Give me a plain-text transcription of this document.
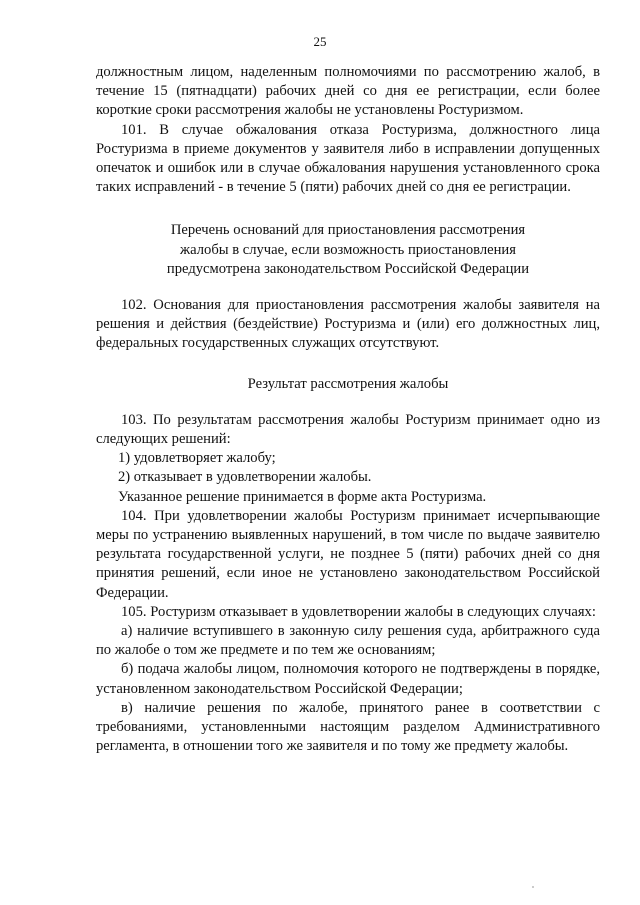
25

должностным лицом, наделенным полномочиями по рассмотрению жалоб, в течение 15 (пятнадцати) рабочих дней со дня ее регистрации, если более короткие сроки рассмотрения жалобы не установлены Ростуризмом.

101. В случае обжалования отказа Ростуризма, должностного лица Ростуризма в приеме документов у заявителя либо в исправлении допущенных опечаток и ошибок или в случае обжалования нарушения установленного срока таких исправлений - в течение 5 (пяти) рабочих дней со дня ее регистрации.

Перечень оснований для приостановления рассмотрения
жалобы в случае, если возможность приостановления
предусмотрена законодательством Российской Федерации

102. Основания для приостановления рассмотрения жалобы заявителя на решения и действия (бездействие) Ростуризма и (или) его должностных лиц, федеральных государственных служащих отсутствуют.

Результат рассмотрения жалобы

103. По результатам рассмотрения жалобы Ростуризм принимает одно из следующих решений:

1) удовлетворяет жалобу;

2) отказывает в удовлетворении жалобы.

Указанное решение принимается в форме акта Ростуризма.

104. При удовлетворении жалобы Ростуризм принимает исчерпывающие меры по устранению выявленных нарушений, в том числе по выдаче заявителю результата государственной услуги, не позднее 5 (пяти) рабочих дней со дня принятия решений, если иное не установлено законодательством Российской Федерации.

105. Ростуризм отказывает в удовлетворении жалобы в следующих случаях:

а) наличие вступившего в законную силу решения суда, арбитражного суда по жалобе о том же предмете и по тем же основаниям;

б) подача жалобы лицом, полномочия которого не подтверждены в порядке, установленном законодательством Российской Федерации;

в) наличие решения по жалобе, принятого ранее в соответствии с требованиями, установленными настоящим разделом Административного регламента, в отношении того же заявителя и по тому же предмету жалобы.
